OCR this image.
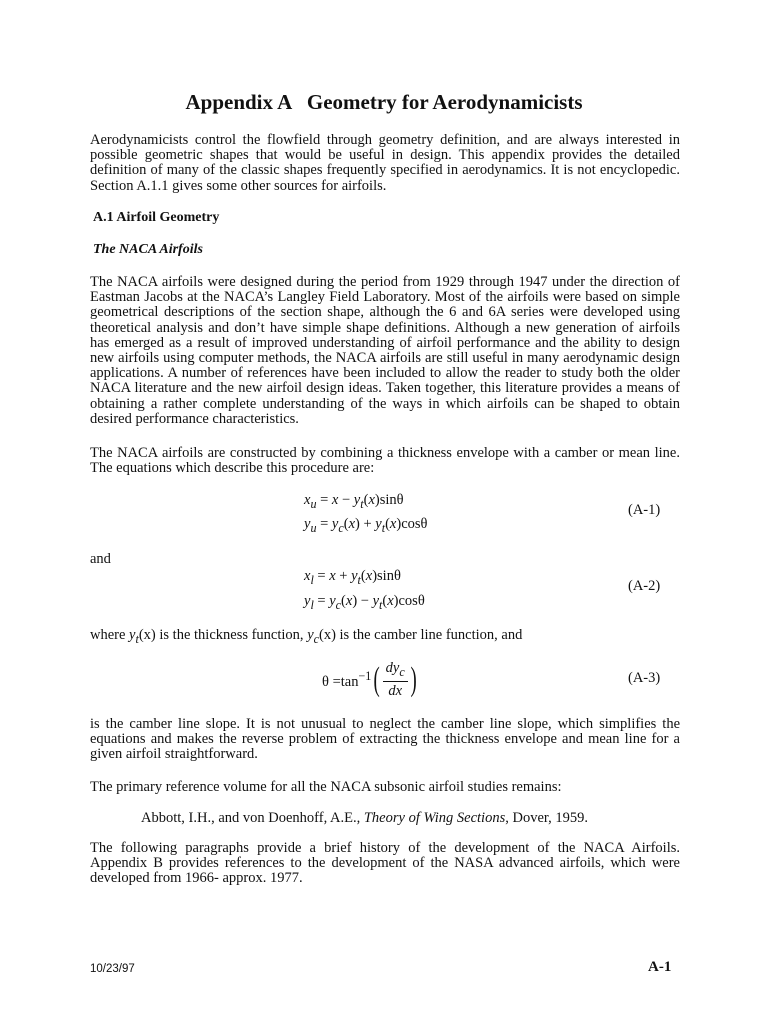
Appendix A   Geometry for Aerodynamicists

Aerodynamicists control the flowfield through geometry definition, and are always interested in possible geometric shapes that would be useful in design. This appendix provides the detailed definition of many of the classic shapes frequently specified in aerodynamics. It is not encyclopedic. Section A.1.1 gives some other sources for airfoils.

A.1 Airfoil Geometry
The NACA Airfoils

The NACA airfoils were designed during the period from 1929 through 1947 under the direction of Eastman Jacobs at the NACA’s Langley Field Laboratory. Most of the airfoils were based on simple geometrical descriptions of the section shape, although the 6 and 6A series were developed using theoretical analysis and don’t have simple shape definitions. Although a new generation of airfoils has emerged as a result of improved understanding of airfoil performance and the ability to design new airfoils using computer methods, the NACA airfoils are still useful in many aerodynamic design applications. A number of references have been included to allow the reader to study both the older NACA literature and the new airfoil design ideas. Taken together, this literature provides a means of obtaining a rather complete understanding of the ways in which airfoils can be shaped to obtain desired performance characteristics.

The NACA airfoils are constructed by combining a thickness envelope with a camber or mean line. The equations which describe this procedure are:

$x_u = x - y_t(x)\sin\theta$
$y_u = y_c(x) + y_t(x)\cos\theta$
(A-1)

and

$x_l = x + y_t(x)\sin\theta$
$y_l = y_c(x) - y_t(x)\cos\theta$
(A-2)

where $y_t(x)$ is the thickness function, $y_c(x)$ is the camber line function, and

$\theta =\tan^{-1}( \frac{dy_c}{dx}$ )	(A-3)

is the camber line slope. It is not unusual to neglect the camber line slope, which simplifies the equations and makes the reverse problem of extracting the thickness envelope and mean line for a given airfoil straightforward.

The primary reference volume for all the NACA subsonic airfoil studies remains:

Abbott, I.H., and von Doenhoff, A.E., Theory of Wing Sections, Dover, 1959.

The following paragraphs provide a brief history of the development of the NACA Airfoils. Appendix B provides references to the development of the NASA advanced airfoils, which were developed from 1966- approx. 1977.

10/23/97	A-1
